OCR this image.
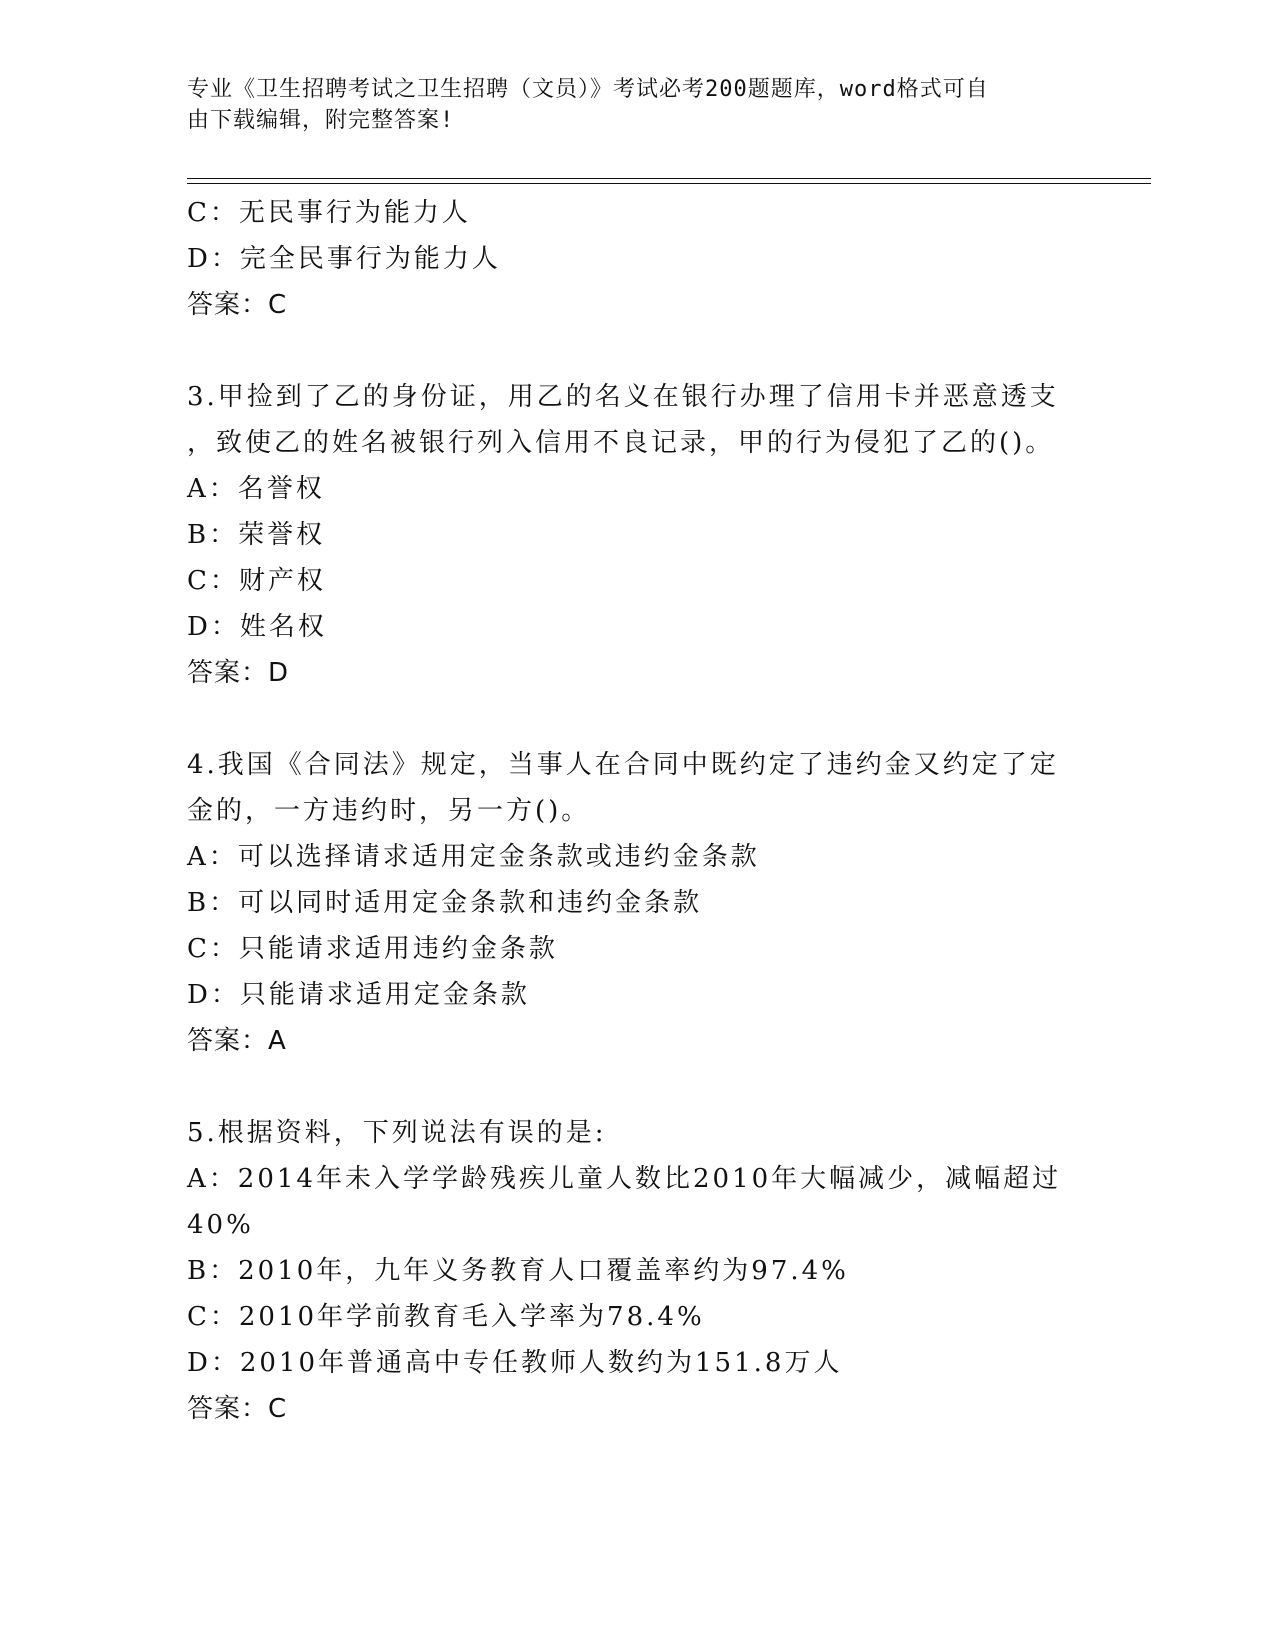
专业《卫生招聘考试之卫生招聘（文员）》考试必考200题题库，word格式可自
由下载编辑，附完整答案!

C：无民事行为能力人

D：完全民事行为能力人

答案：C

3.甲捡到了乙的身份证，用乙的名义在银行办理了信用卡并恶意透支

，致使乙的姓名被银行列入信用不良记录，甲的行为侵犯了乙的()。

A：名誉权

B：荣誉权

C：财产权

D：姓名权

答案：D

4.我国《合同法》规定，当事人在合同中既约定了违约金又约定了定

金的，一方违约时，另一方()。

A：可以选择请求适用定金条款或违约金条款

B：可以同时适用定金条款和违约金条款

C：只能请求适用违约金条款

D：只能请求适用定金条款

答案：A

5.根据资料，下列说法有误的是:

A：2014年未入学学龄残疾儿童人数比2010年大幅减少，减幅超过

40%

B：2010年，九年义务教育人口覆盖率约为97.4%

C：2010年学前教育毛入学率为78.4%

D：2010年普通高中专任教师人数约为151.8万人

答案：C
